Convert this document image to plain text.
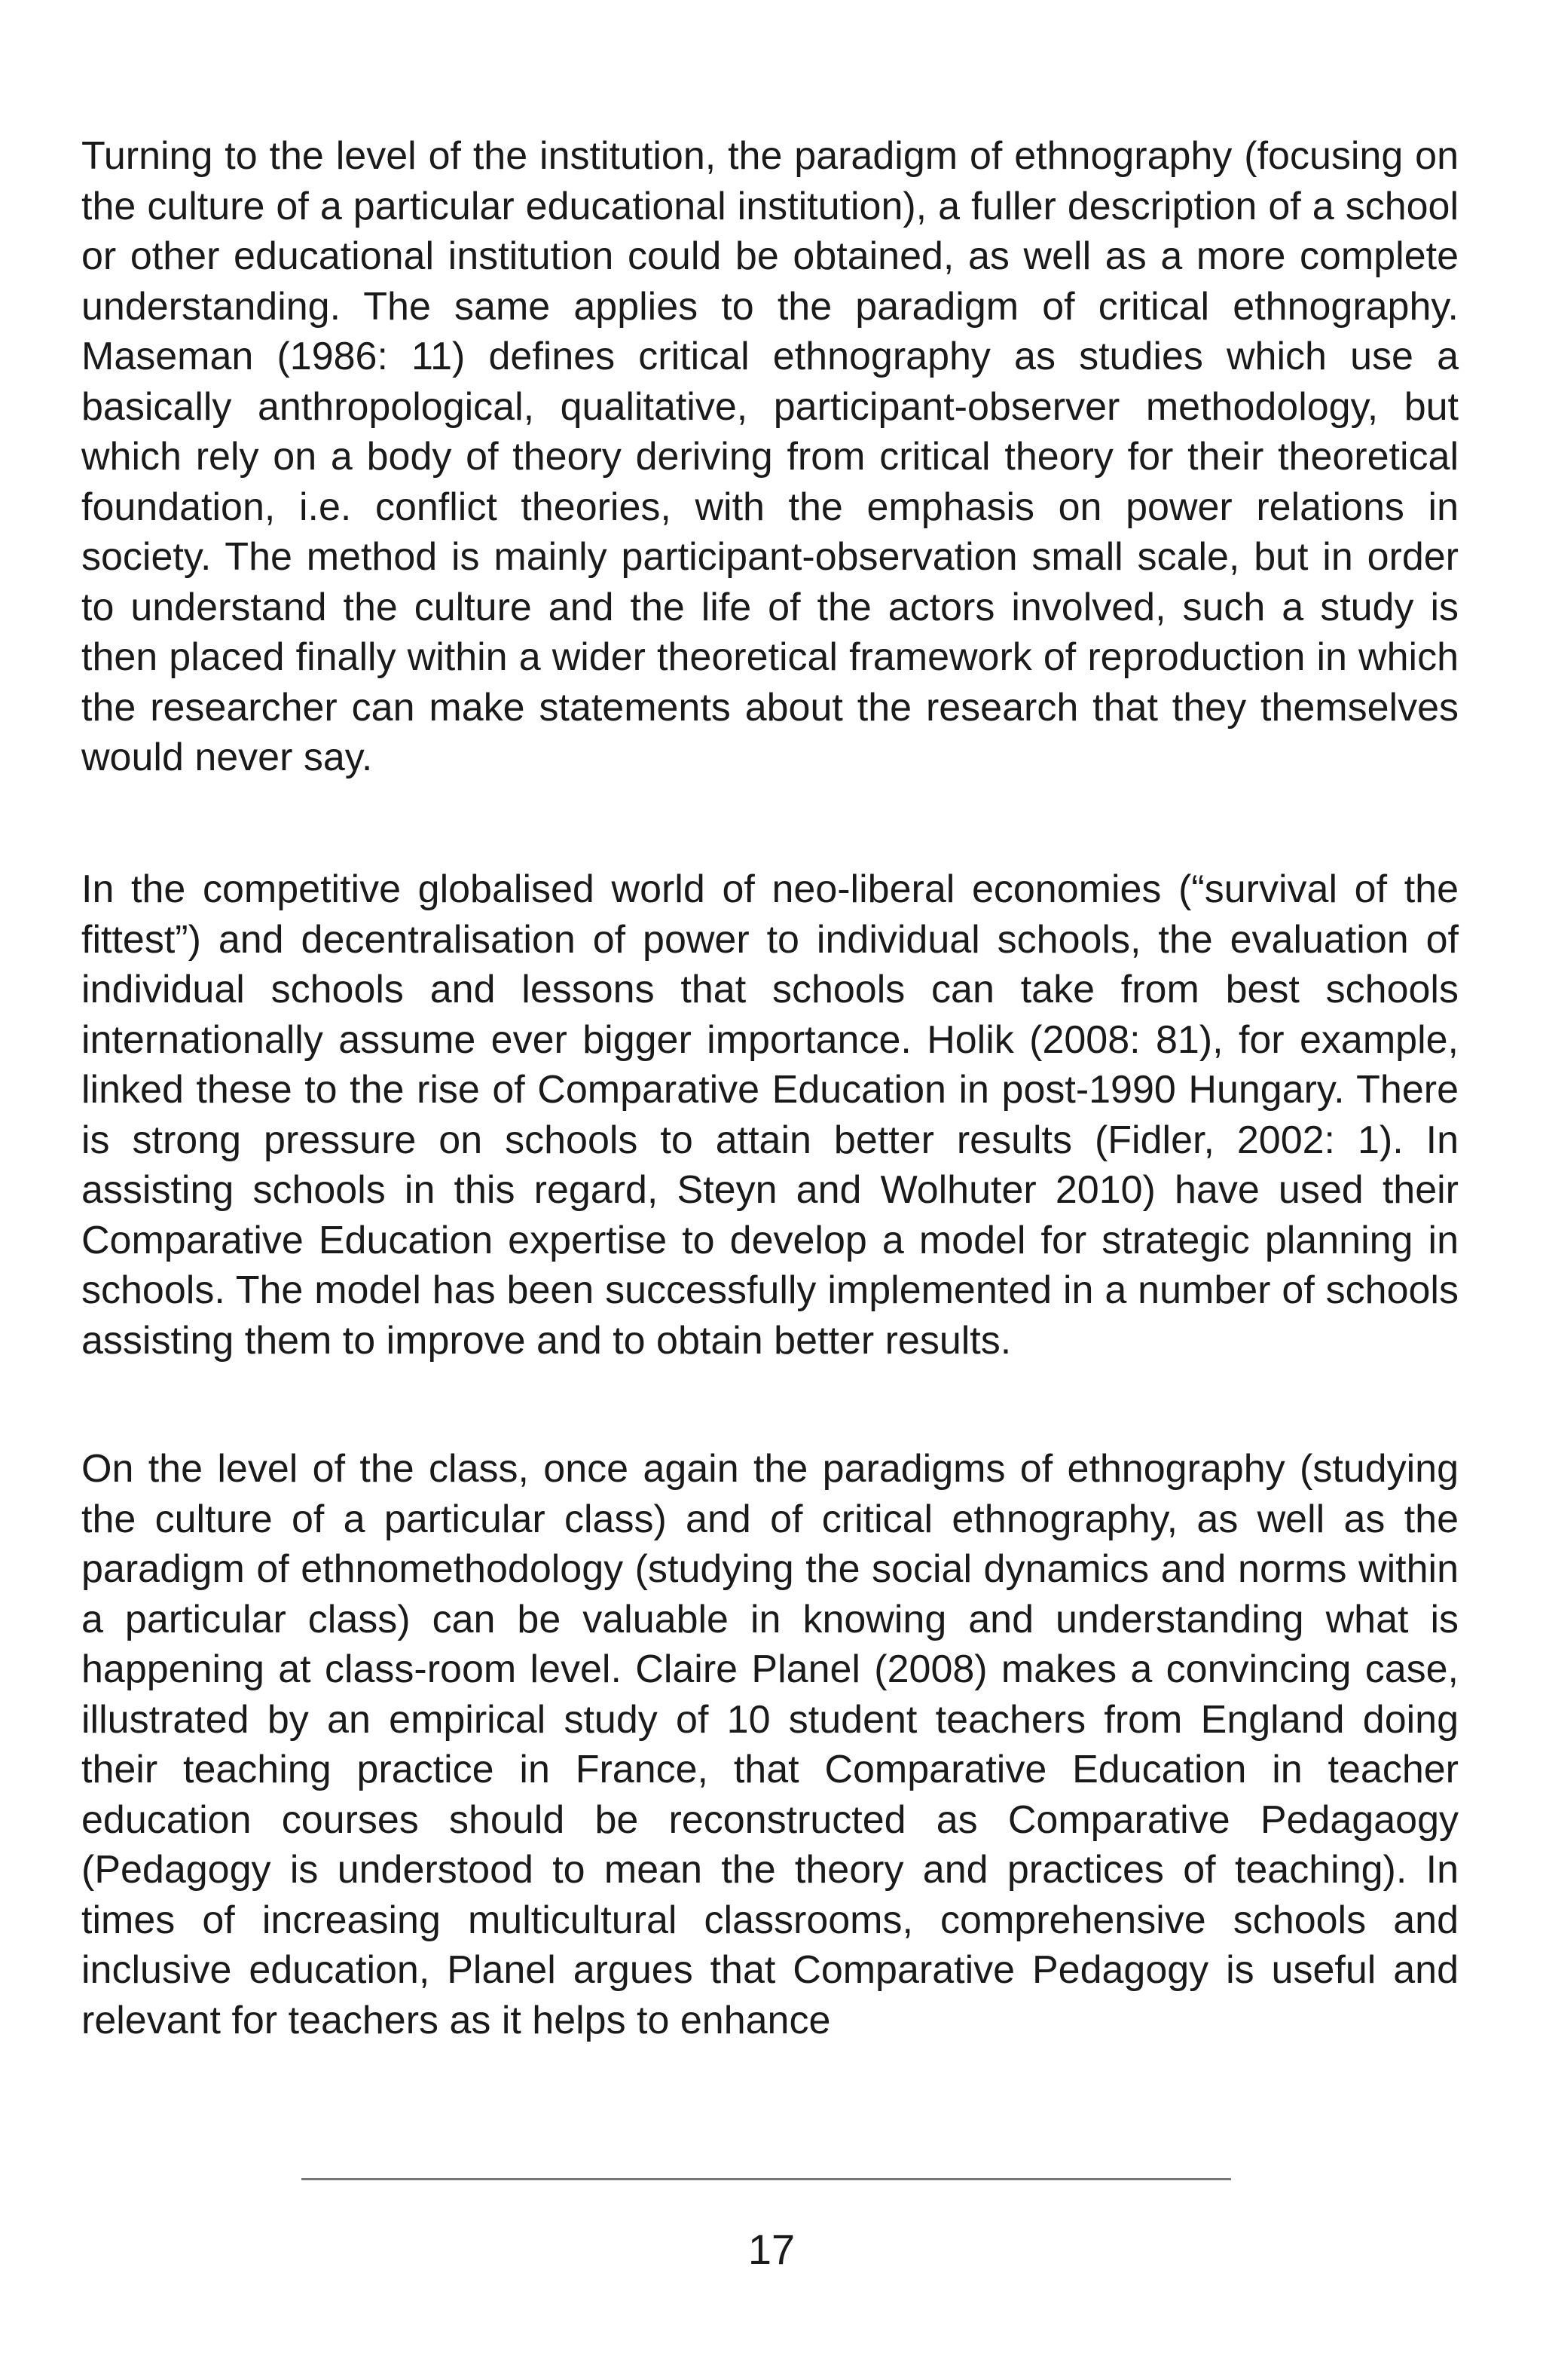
Turning to the level of the institution, the paradigm of ethnography (focusing on the culture of a particular educational institution), a fuller description of a school or other educational institution could be obtained, as well as a more complete understanding. The same applies to the paradigm of critical ethnography. Maseman (1986: 11) defines critical ethnography as studies which use a basically anthropological, qualitative, participant-observer methodology, but which rely on a body of theory deriving from critical theory for their theoretical foundation, i.e. conflict theories, with the emphasis on power relations in society. The method is mainly participant-observation small scale, but in order to understand the culture and the life of the actors involved, such a study is then placed finally within a wider theoretical framework of reproduction in which the researcher can make statements about the research that they themselves would never say.

In the competitive globalised world of neo-liberal economies (“survival of the fittest”) and decentralisation of power to individual schools, the evaluation of individual schools and lessons that schools can take from best schools internationally assume ever bigger importance. Holik (2008: 81), for example, linked these to the rise of Comparative Education in post-1990 Hungary. There is strong pressure on schools to attain better results (Fidler, 2002: 1). In assisting schools in this regard, Steyn and Wolhuter 2010) have used their Comparative Education expertise to develop a model for strategic planning in schools. The model has been successfully implemented in a number of schools assisting them to improve and to obtain better results.

On the level of the class, once again the paradigms of ethnography (studying the culture of a particular class) and of critical ethnography, as well as the paradigm of ethnomethodology (studying the social dynamics and norms within a particular class) can be valuable in knowing and understanding what is happening at class-room level. Claire Planel (2008) makes a convincing case, illustrated by an empirical study of 10 student teachers from England doing their teaching practice in France, that Comparative Education in teacher education courses should be reconstructed as Comparative Pedagaogy (Pedagogy is understood to mean the theory and practices of teaching). In times of increasing multicultural classrooms, comprehensive schools and inclusive education, Planel argues that Comparative Pedagogy is useful and relevant for teachers as it helps to enhance

17
